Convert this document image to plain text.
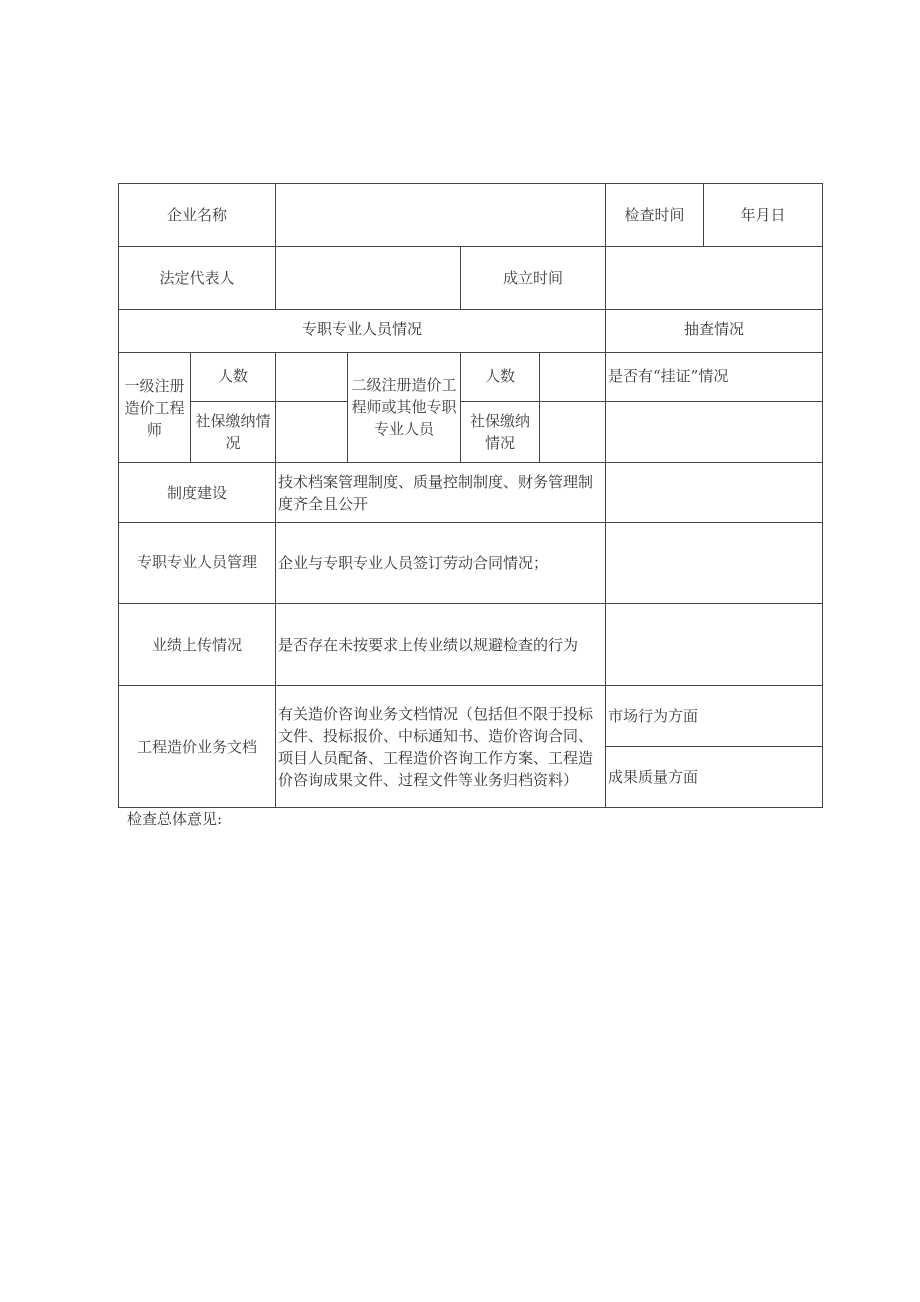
企业名称						检查时间	年月日
法定代表人				成立时间			
专职专业人员情况						抽查情况	
一级注册造价工程师	人数		二级注册造价工程师或其他专职专业人员	人数		是否有“挂证”情况	
	社保缴纳情况			社保缴纳情况			
制度建设		技术档案管理制度、质量控制制度、财务管理制度齐全且公开					
专职专业人员管理		企业与专职专业人员签订劳动合同情况；					
业绩上传情况		是否存在未按要求上传业绩以规避检查的行为					
工程造价业务文档		有关造价咨询业务文档情况（包括但不限于投标文件、投标报价、中标通知书、造价咨询合同、项目人员配备、工程造价咨询工作方案、工程造价咨询成果文件、过程文件等业务归档资料）				市场行为方面	
						成果质量方面	
检查总体意见:
